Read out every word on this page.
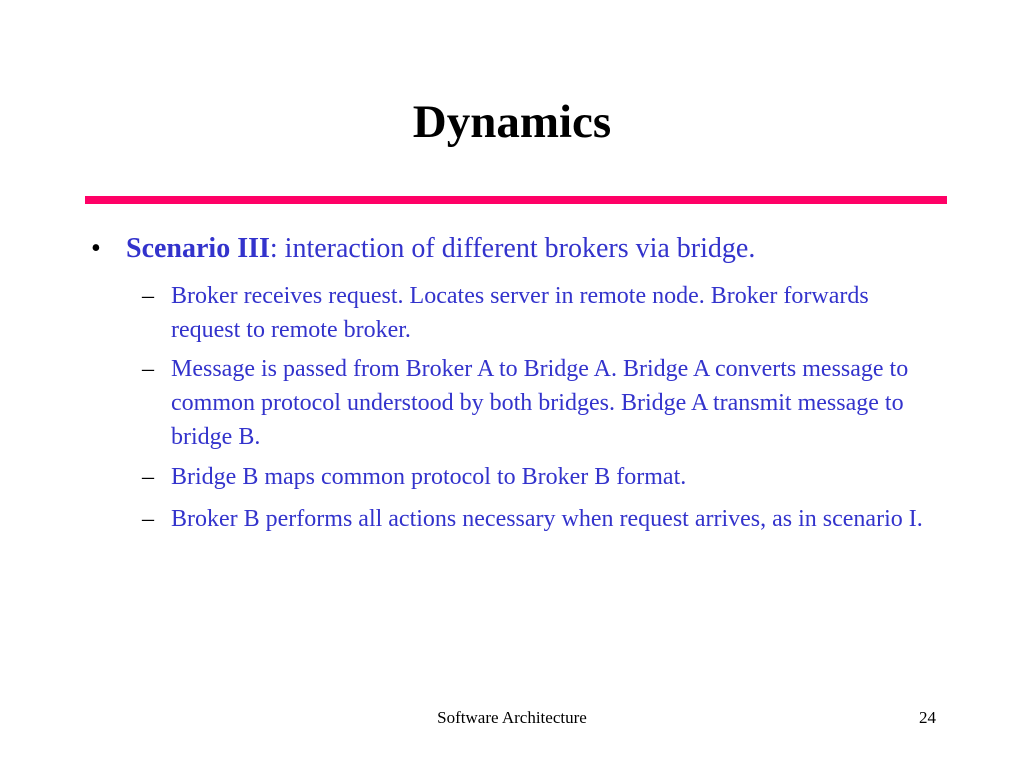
Dynamics
• Scenario III: interaction of different brokers via bridge.
– Broker receives request. Locates server in remote node. Broker forwards request to remote broker.
– Message is passed from Broker A to Bridge A. Bridge A converts message to common protocol understood by both bridges. Bridge A transmit message to bridge B.
– Bridge B maps common protocol to Broker B format.
– Broker B performs all actions necessary when request arrives, as in scenario I.
Software Architecture	24
